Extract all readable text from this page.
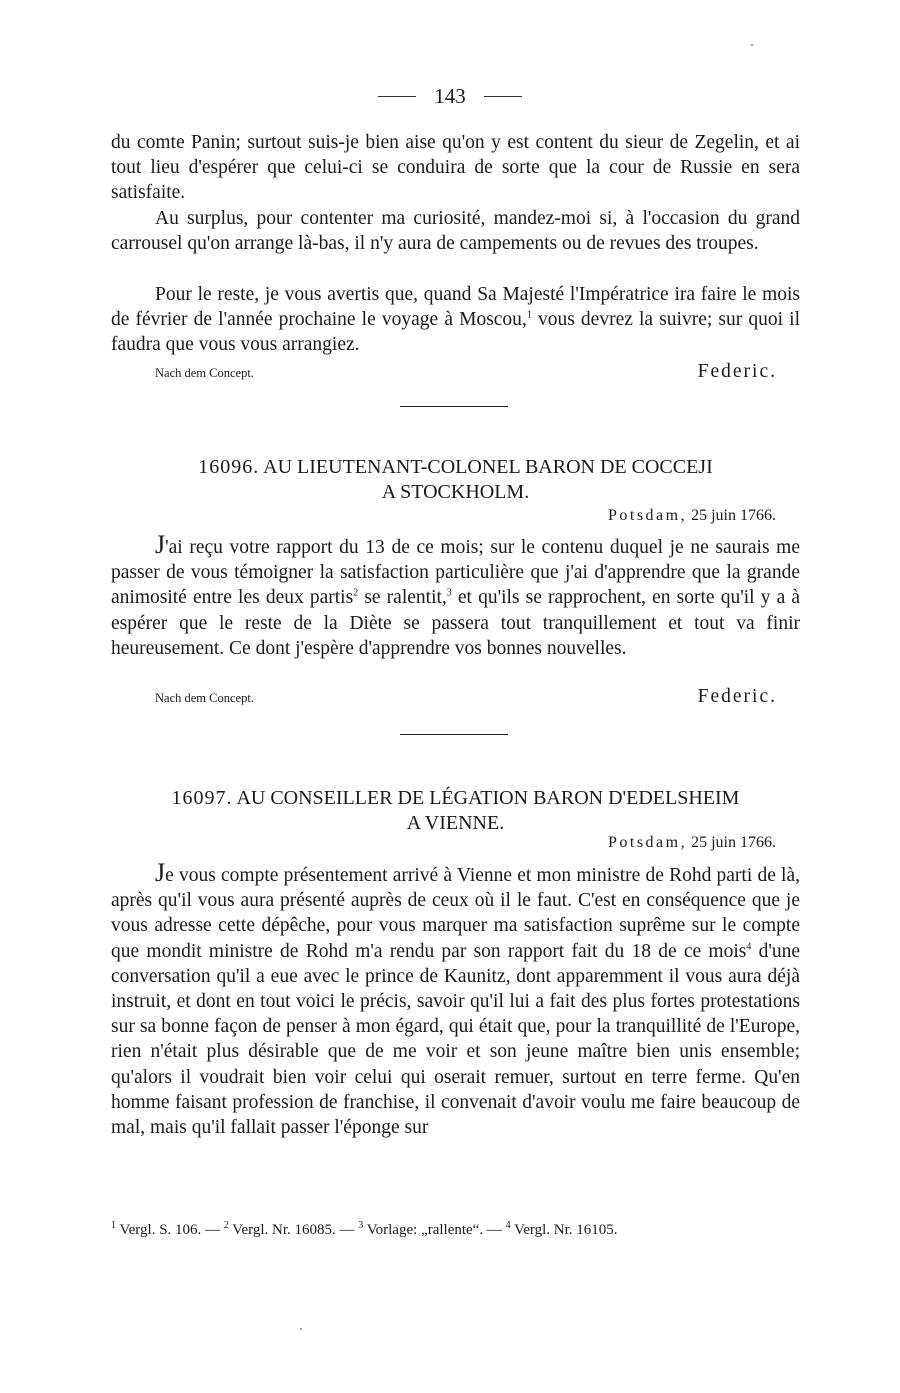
143

du comte Panin; surtout suis-je bien aise qu'on y est content du sieur de Zegelin, et ai tout lieu d'espérer que celui-ci se conduira de sorte que la cour de Russie en sera satisfaite.

Au surplus, pour contenter ma curiosité, mandez-moi si, à l'occasion du grand carrousel qu'on arrange là-bas, il n'y aura de campements ou de revues des troupes.

Pour le reste, je vous avertis que, quand Sa Majesté l'Impératrice ira faire le mois de février de l'année prochaine le voyage à Moscou,$^1$ vous devrez la suivre; sur quoi il faudra que vous vous arrangiez.

Nach dem Concept.	Federic.
16096. AU LIEUTENANT-COLONEL BARON DE COCCEJI
A STOCKHOLM.
Potsdam, 25 juin 1766.

J'ai reçu votre rapport du 13 de ce mois; sur le contenu duquel je ne saurais me passer de vous témoigner la satisfaction particulière que j'ai d'apprendre que la grande animosité entre les deux partis$^2$ se ralentit,$^3$ et qu'ils se rapprochent, en sorte qu'il y a à espérer que le reste de la Diète se passera tout tranquillement et tout va finir heureusement. Ce dont j'espère d'apprendre vos bonnes nouvelles.

Nach dem Concept.	Federic.
16097. AU CONSEILLER DE LÉGATION BARON D'EDELSHEIM
A VIENNE.
Potsdam, 25 juin 1766.

Je vous compte présentement arrivé à Vienne et mon ministre de Rohd parti de là, après qu'il vous aura présenté auprès de ceux où il le faut. C'est en conséquence que je vous adresse cette dépêche, pour vous marquer ma satisfaction suprême sur le compte que mondit ministre de Rohd m'a rendu par son rapport fait du 18 de ce mois$^4$ d'une conversation qu'il a eue avec le prince de Kaunitz, dont apparemment il vous aura déjà instruit, et dont en tout voici le précis, savoir qu'il lui a fait des plus fortes protestations sur sa bonne façon de penser à mon égard, qui était que, pour la tranquillité de l'Europe, rien n'était plus désirable que de me voir et son jeune maître bien unis ensemble; qu'alors il voudrait bien voir celui qui oserait remuer, surtout en terre ferme. Qu'en homme faisant profession de franchise, il convenait d'avoir voulu me faire beaucoup de mal, mais qu'il fallait passer l'éponge sur

$^1$ Vergl. S. 106. — $^2$ Vergl. Nr. 16085. — $^3$ Vorlage: „rallente“. — $^4$ Vergl. Nr. 16105.
